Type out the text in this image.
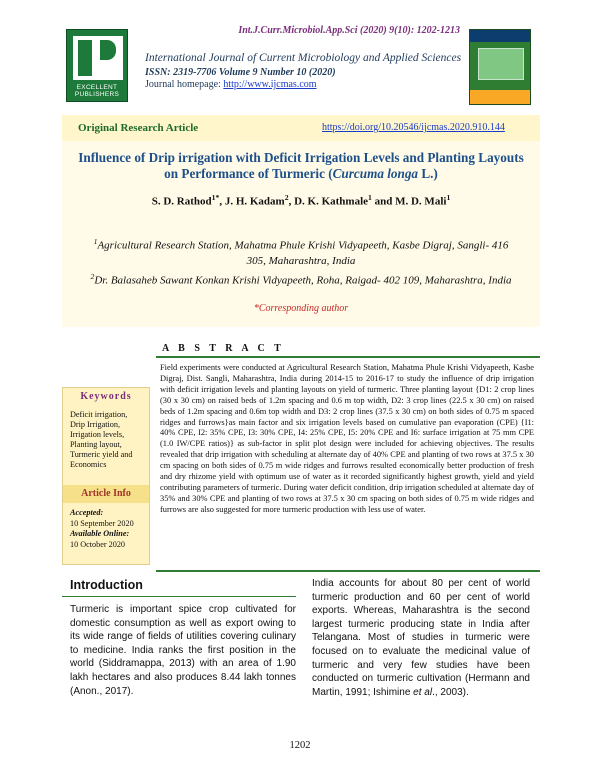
Int.J.Curr.Microbiol.App.Sci (2020) 9(10): 1202-1213
EXCELLENT
PUBLISHERS
International Journal of Current Microbiology and Applied Sciences
ISSN: 2319-7706 Volume 9 Number 10 (2020)
Journal homepage: http://www.ijcmas.com
Original Research Article	https://doi.org/10.20546/ijcmas.2020.910.144
Influence of Drip irrigation with Deficit Irrigation Levels and Planting Layouts on Performance of Turmeric (Curcuma longa L.)
S. D. Rathod$^{1*}$, J. H. Kadam$^2$, D. K. Kathmale$^1$ and M. D. Mali$^1$
$^1$Agricultural Research Station, Mahatma Phule Krishi Vidyapeeth, Kasbe Digraj, Sangli- 416 305, Maharashtra, India
$^2$Dr. Balasaheb Sawant Konkan Krishi Vidyapeeth, Roha, Raigad- 402 109, Maharashtra, India
*Corresponding author
A B S T R A C T
Field experiments were conducted at Agricultural Research Station, Mahatma Phule Krishi Vidyapeeth, Kasbe Digraj, Dist. Sangli, Maharashtra, India during 2014-15 to 2016-17 to study the influence of drip irrigation with deficit irrigation levels and planting layouts on yield of turmeric. Three planting layout {D1: 2 crop lines (30 x 30 cm) on raised beds of 1.2m spacing and 0.6 m top width, D2: 3 crop lines (22.5 x 30 cm) on raised beds of 1.2m spacing and 0.6m top width and D3: 2 crop lines (37.5 x 30 cm) on both sides of 0.75 m spaced ridges and furrows}as main factor and six irrigation levels based on cumulative pan evaporation (CPE) {I1: 40% CPE, I2: 35% CPE, I3: 30% CPE, I4: 25% CPE, I5: 20% CPE and I6: surface irrigation at 75 mm CPE (1.0 IW/CPE ratios)} as sub-factor in split plot design were included for achieving objectives. The results revealed that drip irrigation with scheduling at alternate day of 40% CPE and planting of two rows at 37.5 x 30 cm spacing on both sides of 0.75 m wide ridges and furrows resulted economically better production of fresh and dry rhizome yield with optimum use of water as it recorded significantly highest growth, yield and yield contributing parameters of turmeric. During water deficit condition, drip irrigation scheduled at alternate day of 35% and 30% CPE and planting of two rows at 37.5 x 30 cm spacing on both sides of 0.75 m wide ridges and furrows are also suggested for more turmeric production with less use of water.
Keywords
Deficit irrigation,
Drip Irrigation,
Irrigation levels,
Planting layout,
Turmeric yield and
Economics
Article Info
Accepted:
10 September 2020
Available Online:
10 October 2020
Introduction
Turmeric is important spice crop cultivated for domestic consumption as well as export owing to its wide range of fields of utilities covering culinary to medicine. India ranks the first position in the world (Siddramappa, 2013) with an area of 1.90 lakh hectares and also produces 8.44 lakh tonnes (Anon., 2017).
India accounts for about 80 per cent of world turmeric production and 60 per cent of world exports. Whereas, Maharashtra is the second largest turmeric producing state in India after Telangana. Most of studies in turmeric were focused on to evaluate the medicinal value of turmeric and very few studies have been conducted on turmeric cultivation (Hermann and Martin, 1991; Ishimine et al., 2003).
1202
